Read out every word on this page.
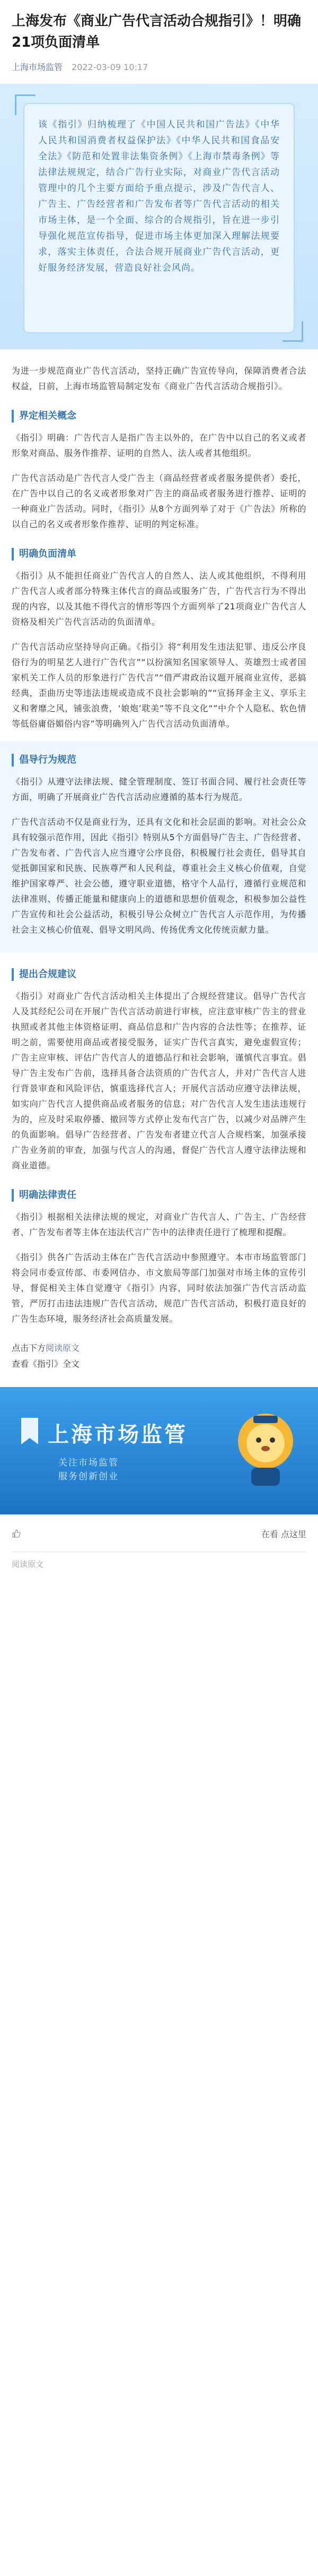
上海发布《商业广告代言活动合规指引》！明确21项负面清单
上海市场监管 2022-03-09 10:17

该《指引》归纳梳理了《中国人民共和国广告法》《中华人民共和国消费者权益保护法》《中华人民共和国食品安全法》《防范和处置非法集资条例》《上海市禁毒条例》等法律法规规定，结合广告行业实际，对商业广告代言活动管理中的几个主要方面给予重点提示，涉及广告代言人、广告主、广告经营者和广告发布者等广告代言活动的相关市场主体，是一个全面、综合的合规指引，旨在进一步引导强化规范宣传指导，促进市场主体更加深入理解法规要求，落实主体责任，合法合规开展商业广告代言活动，更好服务经济发展，营造良好社会风尚。

为进一步规范商业广告代言活动，坚持正确广告宣传导向，保障消费者合法权益，日前，上海市场监管局制定发布《商业广告代言活动合规指引》。

界定相关概念

《指引》明确：广告代言人是指广告主以外的，在广告中以自己的名义或者形象对商品、服务作推荐、证明的自然人、法人或者其他组织。

广告代言活动是广告代言人受广告主（商品经营者或者服务提供者）委托，在广告中以自己的名义或者形象对广告主的商品或者服务进行推荐、证明的一种商业广告活动。同时，《指引》从8个方面列举了对于《广告法》所称的以自己的名义或者形象作推荐、证明的判定标准。

明确负面清单

《指引》从不能担任商业广告代言人的自然人、法人或其他组织，不得利用广告代言人或者部分特殊主体代言的商品或服务广告，广告代言行为不得出现的内容，以及其他不得代言的情形等四个方面列举了21项商业广告代言人资格及相关广告代言活动的负面清单。

广告代言活动应坚持导向正确。《指引》将“利用发生违法犯罪、违反公序良俗行为的明星艺人进行广告代言”“以扮演知名国家领导人、英雄烈士或者国家机关工作人员的形象进行广告代言”“借严肃政治议题开展商业宣传，恶搞经典，歪曲历史等违法违规或造成不良社会影响的”“宣扬拜金主义、享乐主义和奢靡之风，铺张浪费，‘娘炮’耽美”等不良文化“”中介个人隐私、软色情等低俗庸俗媚俗内容”等明确列入广告代言活动负面清单。

倡导行为规范

《指引》从遵守法律法规、健全管理制度、签订书面合同、履行社会责任等方面，明确了开展商业广告代言活动应遵循的基本行为规范。

广告代言活动不仅是商业行为，还具有文化和社会层面的影响。对社会公众具有较强示范作用，因此《指引》特别从5个方面倡导广告主、广告经营者、广告发布者、广告代言人应当遵守公序良俗，积极履行社会责任，倡导其自觉抵御国家和民族、民族尊严和人民利益，尊重社会主义核心价值观，自觉维护国家尊严、社会公德，遵守职业道德，格守个人品行，遵循行业规范和法律准则、传播正能量和健康向上的道德和思想价值观念，积极参加公益性广告宣传和社会公益活动，积极引导公众树立广告代言人示范作用，为传播社会主义核心价值观、倡导文明风尚、传扬优秀文化传统贡献力量。

提出合规建议

《指引》对商业广告代言活动相关主体提出了合规经营建议。倡导广告代言人及其经纪公司在开展广告代言活动前进行审核，应注意审核广告主的营业执照或者其他主体资格证明、商品信息和广告内容的合法性等；在推荐、证明之前，需要使用商品或者接受服务，证实广告代言真实，避免虚假宣传；广告主应审核、评估广告代言人的道德品行和社会影响，谨慎代言事宜。倡导广告主发布广告前，选择具备合法资质的广告代言人，并对广告代言人进行背景审查和风险评估，慎重选择代言人；开展代言活动应遵守法律法规，如实向广告代言人提供商品或者服务的信息；对广告代言人发生违法违规行为的，应及时采取停播、撤回等方式停止发布代言广告，以减少对品牌产生的负面影响。倡导广告经营者、广告发布者建立代言人合规档案，加强承接广告业务前的审查，加强与代言人的沟通，督促广告代言人遵守法律法规和商业道德。

明确法律责任

《指引》根据相关法律法规的规定，对商业广告代言人、广告主、广告经营者、广告发布者等主体在违法代言广告中的法律责任进行了梳理和提醒。

《指引》供各广告活动主体在广告代言活动中参照遵守。本市市场监管部门将会同市委宣传部、市委网信办、市文旅局等部门加强对市场主体的宣传引导，督促相关主体自觉遵守《指引》内容，同时依法加强广告代言活动监管，严厉打击违法违规广告代言活动，规范广告代言活动，积极打造良好的广告生态环境，服务经济社会高质量发展。

点击下方阅读原文
查看《指引》全文
上海市场监管
关注市场监管
服务创新创业
在看 点这里
阅读原文
